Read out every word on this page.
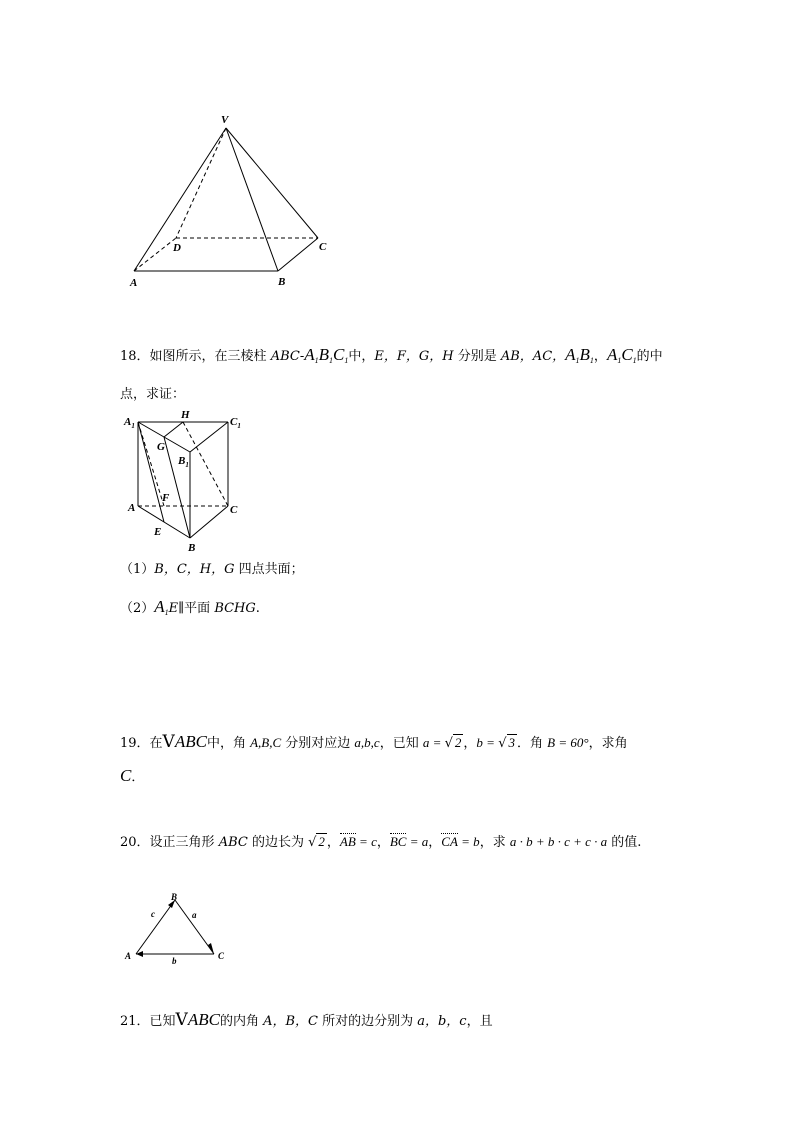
V
D	C
A	B
18．如图所示，在三棱柱 ABC-$A_1B_1C_1$中，E，F，G，H 分别是 AB，AC，$A_1B_1$，$A_1C_1$的中
点，求证：
$A_1$
H
$C_1$
G
$B_1$
A
F
C
E
B
（1）B，C，H，G 四点共面；
$(2)A_1E\parallel$平面 BCHG.
19．在VABC中，角 A,B,C 分别对应边 a,b,c，已知 a = √ 2 ，b = √ 3 ．角 B = 60°，求角
C．
20．设正三角形 ABC 的边长为 √ 2 ，AB = c，BC = a，CA = b，求 a · b + b · c + c · a 的值.
B
c	a
A	b	C
21．已知VABC的内角 A，B，C 所对的边分别为 a，b，c，且
